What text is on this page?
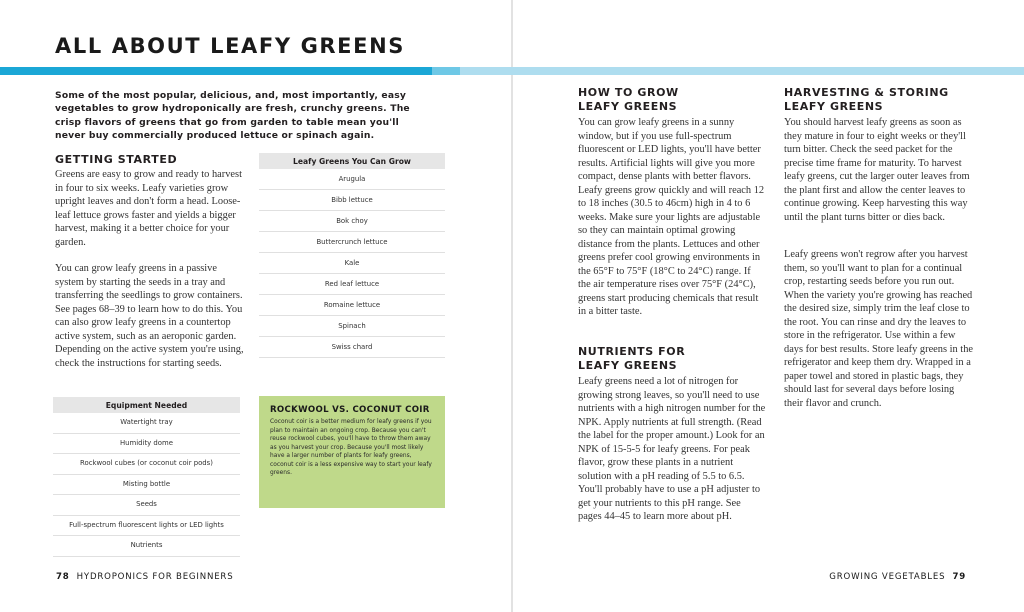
ALL ABOUT LEAFY GREENS

Some of the most popular, delicious, and, most importantly, easy vegetables to grow hydroponically are fresh, crunchy greens. The crisp flavors of greens that go from garden to table mean you'll never buy commercially produced lettuce or spinach again.

GETTING STARTED

Greens are easy to grow and ready to harvest in four to six weeks. Leafy varieties grow upright leaves and don't form a head. Loose-leaf lettuce grows faster and yields a bigger harvest, making it a better choice for your garden.

You can grow leafy greens in a passive system by starting the seeds in a tray and transferring the seedlings to grow containers. See pages 68–39 to learn how to do this. You can also grow leafy greens in a countertop active system, such as an aeroponic garden. Depending on the active system you're using, check the instructions for starting seeds.

Leafy Greens You Can Grow
Arugula
Bibb lettuce
Bok choy
Buttercrunch lettuce
Kale
Red leaf lettuce
Romaine lettuce
Spinach
Swiss chard
Equipment Needed
Watertight tray
Humidity dome
Rockwool cubes (or coconut coir pods)
Misting bottle
Seeds
Full-spectrum fluorescent lights or LED lights
Nutrients

ROCKWOOL VS. COCONUT COIR

Coconut coir is a better medium for leafy greens if you plan to maintain an ongoing crop. Because you can't reuse rockwool cubes, you'll have to throw them away as you harvest your crop. Because you'll most likely have a larger number of plants for leafy greens, coconut coir is a less expensive way to start your leafy greens.

HOW TO GROW
LEAFY GREENS

You can grow leafy greens in a sunny window, but if you use full-spectrum fluorescent or LED lights, you'll have better results. Artificial lights will give you more compact, dense plants with better flavors. Leafy greens grow quickly and will reach 12 to 18 inches (30.5 to 46cm) high in 4 to 6 weeks. Make sure your lights are adjustable so they can maintain optimal growing distance from the plants. Lettuces and other greens prefer cool growing environments in the 65°F to 75°F (18°C to 24°C) range. If the air temperature rises over 75°F (24°C), greens start producing chemicals that result in a bitter taste.

NUTRIENTS FOR
LEAFY GREENS

Leafy greens need a lot of nitrogen for growing strong leaves, so you'll need to use nutrients with a high nitrogen number for the NPK. Apply nutrients at full strength. (Read the label for the proper amount.) Look for an NPK of 15-5-5 for leafy greens. For peak flavor, grow these plants in a nutrient solution with a pH reading of 5.5 to 6.5. You'll probably have to use a pH adjuster to get your nutrients to this pH range. See pages 44–45 to learn more about pH.

HARVESTING & STORING
LEAFY GREENS

You should harvest leafy greens as soon as they mature in four to eight weeks or they'll turn bitter. Check the seed packet for the precise time frame for maturity. To harvest leafy greens, cut the larger outer leaves from the plant first and allow the center leaves to continue growing. Keep harvesting this way until the plant turns bitter or dies back.

Leafy greens won't regrow after you harvest them, so you'll want to plan for a continual crop, restarting seeds before you run out. When the variety you're growing has reached the desired size, simply trim the leaf close to the root. You can rinse and dry the leaves to store in the refrigerator. Use within a few days for best results. Store leafy greens in the refrigerator and keep them dry. Wrapped in a paper towel and stored in plastic bags, they should last for several days before losing their flavor and crunch.

78 HYDROPONICS FOR BEGINNERS	GROWING VEGETABLES 79
